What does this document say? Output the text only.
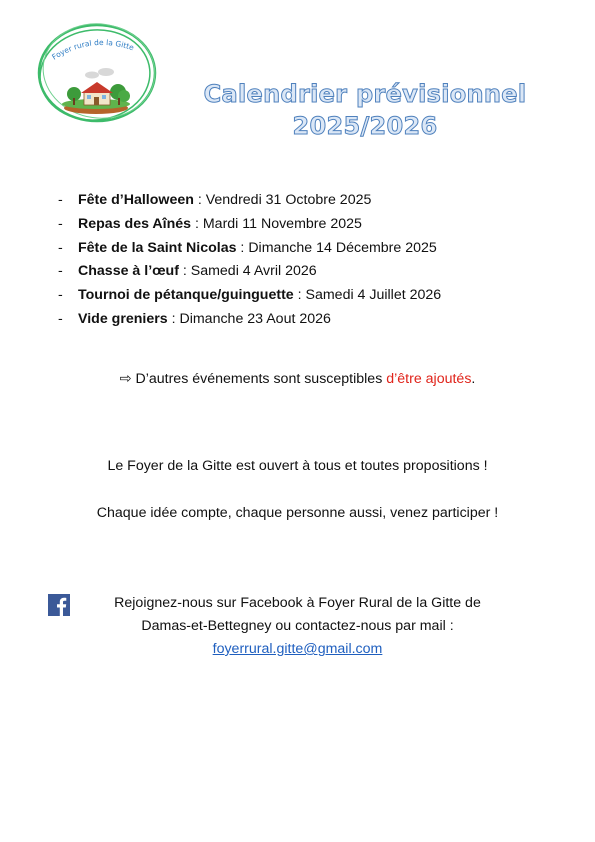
Foyer rural de la Gitte
Calendrier prévisionnel
2025/2026
- Fête d’Halloween : Vendredi 31 Octobre 2025
- Repas des Aînés : Mardi 11 Novembre 2025
- Fête de la Saint Nicolas : Dimanche 14 Décembre 2025
- Chasse à l’œuf : Samedi 4 Avril 2026
- Tournoi de pétanque/guinguette : Samedi 4 Juillet 2026
- Vide greniers : Dimanche 23 Aout 2026
⇨ D’autres événements sont susceptibles d’être ajoutés.
Le Foyer de la Gitte est ouvert à tous et toutes propositions !
Chaque idée compte, chaque personne aussi, venez participer !
Rejoignez-nous sur Facebook à Foyer Rural de la Gitte de
Damas-et-Bettegney ou contactez-nous par mail :
foyerrural.gitte@gmail.com
